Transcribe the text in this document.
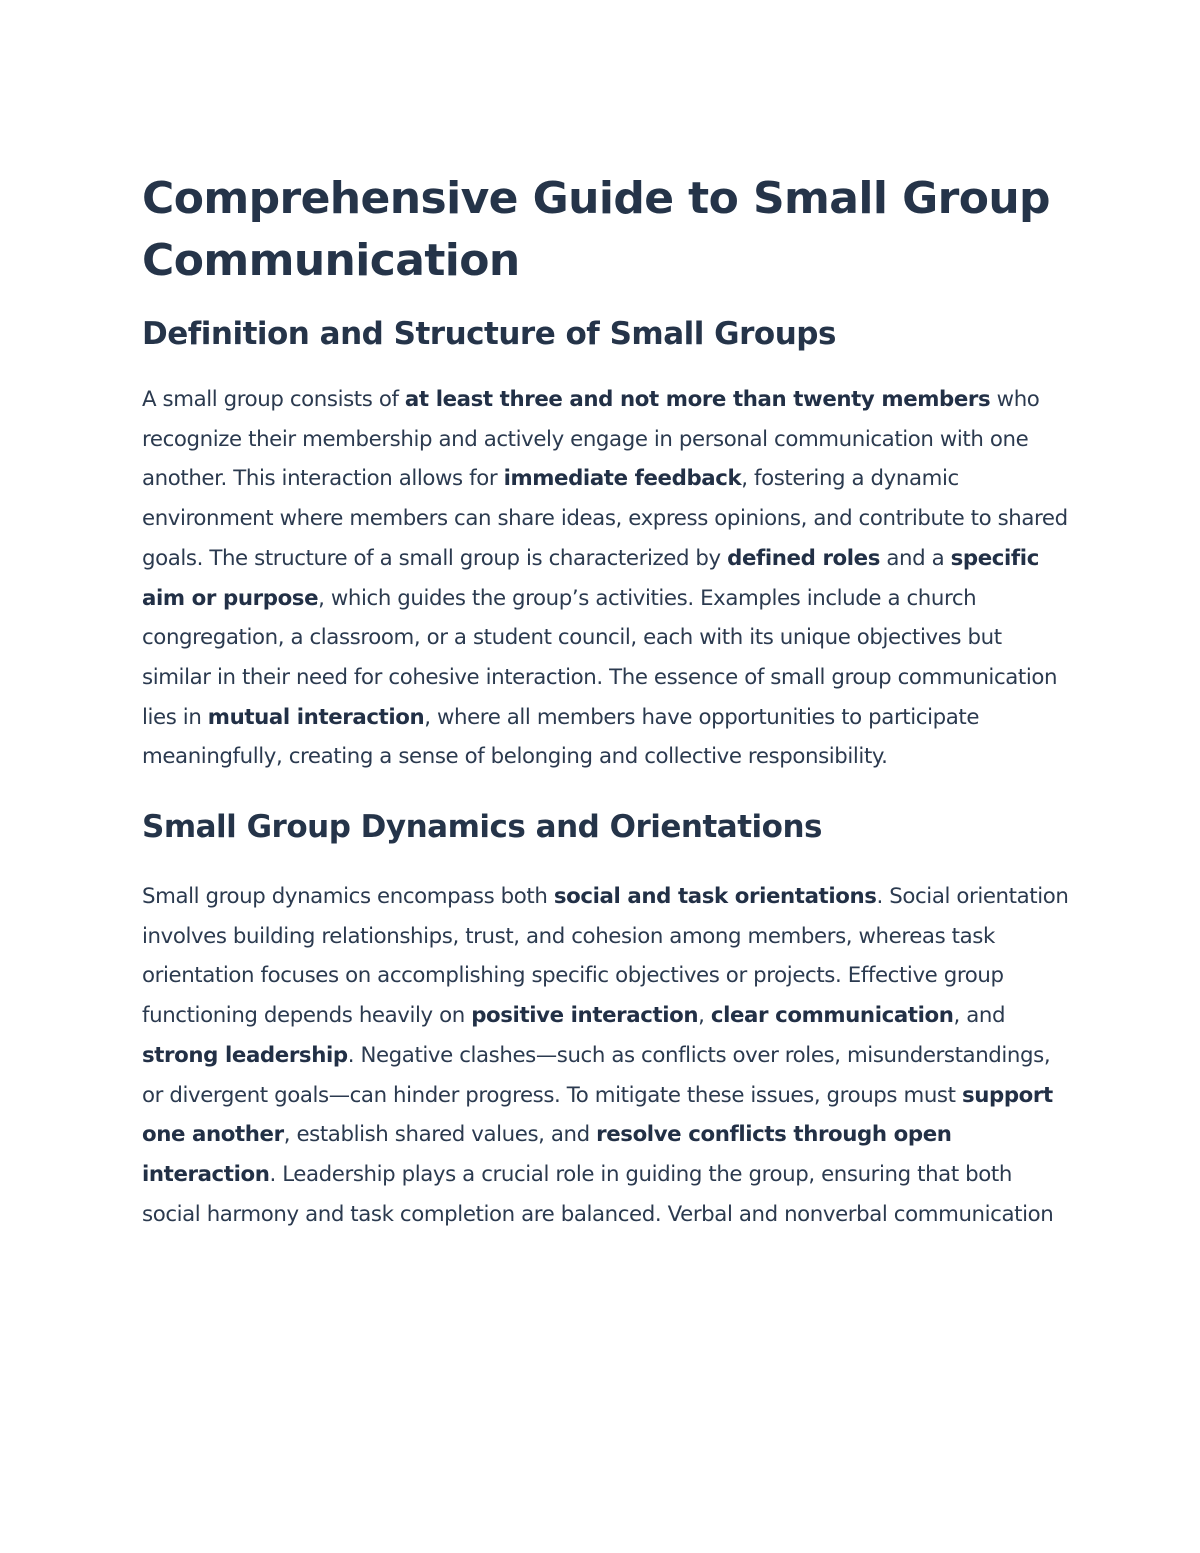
Comprehensive Guide to Small Group Communication
Definition and Structure of Small Groups

A small group consists of at least three and not more than twenty members who recognize their membership and actively engage in personal communication with one another. This interaction allows for immediate feedback, fostering a dynamic environment where members can share ideas, express opinions, and contribute to shared goals. The structure of a small group is characterized by defined roles and a specific aim or purpose, which guides the group’s activities. Examples include a church congregation, a classroom, or a student council, each with its unique objectives but similar in their need for cohesive interaction. The essence of small group communication lies in mutual interaction, where all members have opportunities to participate meaningfully, creating a sense of belonging and collective responsibility.

Small Group Dynamics and Orientations

Small group dynamics encompass both social and task orientations. Social orientation involves building relationships, trust, and cohesion among members, whereas task orientation focuses on accomplishing specific objectives or projects. Effective group functioning depends heavily on positive interaction, clear communication, and strong leadership. Negative clashes—such as conflicts over roles, misunderstandings, or divergent goals—can hinder progress. To mitigate these issues, groups must support one another, establish shared values, and resolve conflicts through open interaction. Leadership plays a crucial role in guiding the group, ensuring that both social harmony and task completion are balanced. Verbal and nonverbal communication
